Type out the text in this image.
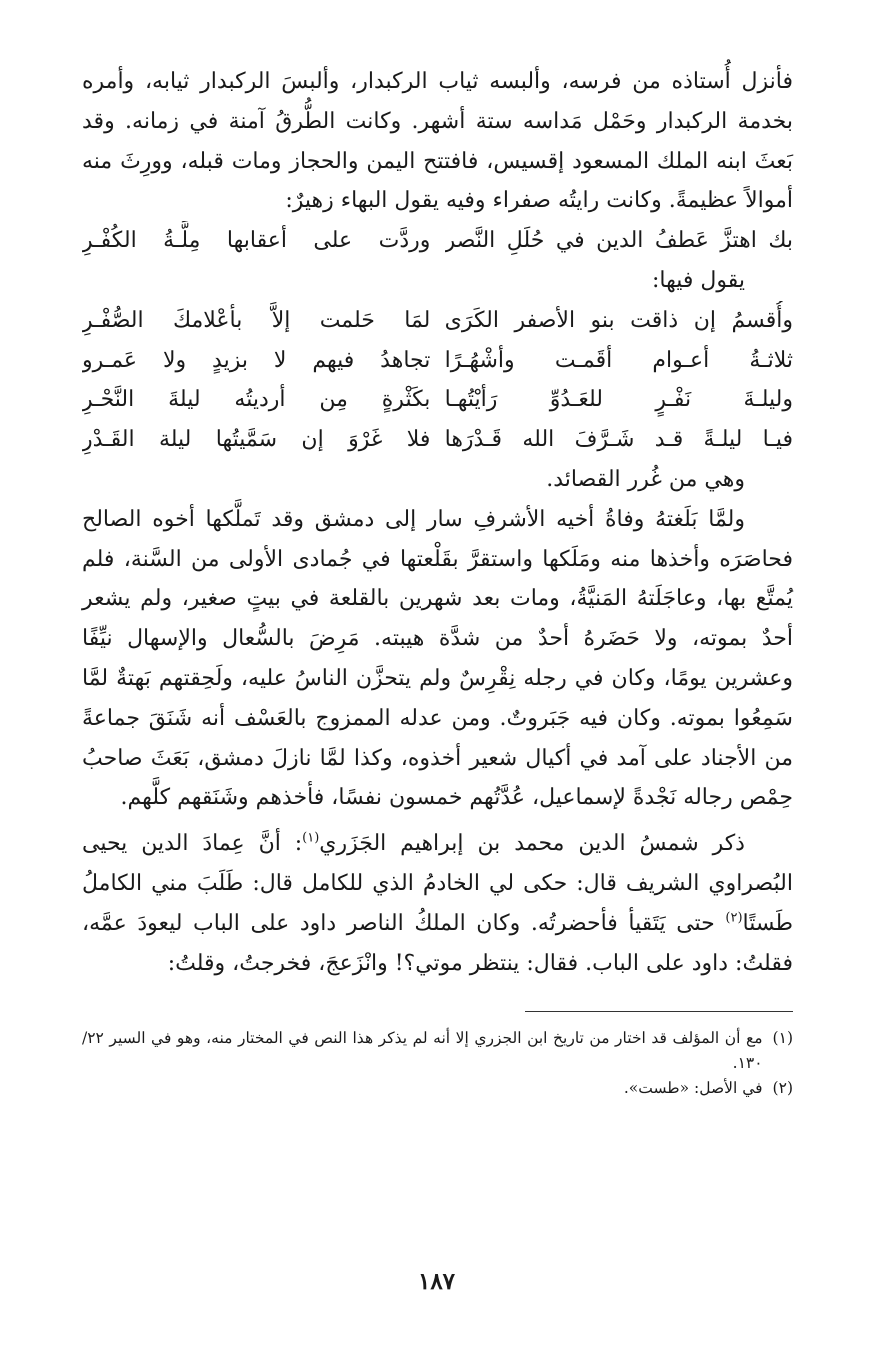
فأنزل أُستاذه من فرسه، وألبسه ثياب الركبدار، وألبسَ الركبدار ثيابه، وأمره بخدمة الركبدار وحَمْل مَداسه ستة أشهر. وكانت الطُّرقُ آمنة في زمانه. وقد بَعثَ ابنه الملك المسعود إقسيس، فافتتح اليمن والحجاز ومات قبله، وورِثَ منه أموالاً عظيمةً. وكانت رايتُه صفراء وفيه يقول البهاء زهيرٌ:

بك اهتزَّ عَطفُ الدين في حُلَلِ النَّصر
وردَّت على أعقابها مِلَّـةُ الكُفْـرِ

يقول فيها:

وأُقسمُ إن ذاقت بنو الأصفر الكَرَى
لمَا حَلمت إلاَّ بأعْلامكَ الصُّفْـرِ
ثلاثـةُ أعـوام أقَمـت وأشْهُـرًا
تجاهدُ فيهم لا بزيدٍ ولا عَمـرو
وليلـةَ نَفْـرٍ للعَـدُوِّ رَأيْتُهـا
بكَثْرةٍ مِن أرديتُه ليلةَ النَّحْـرِ
فيـا ليلـةً قـد شَـرَّفَ الله قَـدْرَها
فلا غَرْوَ إن سَمَّيتُها ليلة القَـدْرِ

وهي من غُرر القصائد.

ولمَّا بَلَغتهُ وفاةُ أخيه الأشرفِ سار إلى دمشق وقد تَملَّكها أخوه الصالح فحاصَرَه وأخذها منه ومَلَكها واستقرَّ بقَلْعتها في جُمادى الأولى من السَّنة، فلم يُمتَّع بها، وعاجَلَتهُ المَنيَّةُ، ومات بعد شهرين بالقلعة في بيتٍ صغير، ولم يشعر أحدٌ بموته، ولا حَضَرهُ أحدٌ من شدَّة هيبته. مَرِضَ بالسُّعال والإسهال نيِّفًا وعشرين يومًا، وكان في رجله نِقْرِسٌ ولم يتحزَّن الناسُ عليه، ولَحِقتهم بَهتةٌ لمَّا سَمِعُوا بموته. وكان فيه جَبَروتٌ. ومن عدله الممزوج بالعَسْف أنه شَنَقَ جماعةً من الأجناد على آمد في أكيال شعير أخذوه، وكذا لمَّا نازلَ دمشق، بَعَثَ صاحبُ حِمْص رجاله نَجْدةً لإسماعيل، عُدَّتُهم خمسون نفسًا، فأخذهم وشَنَقهم كلَّهم.

ذكر شمسُ الدين محمد بن إبراهيم الجَزَري$^{(١)}$: أنَّ عِمادَ الدين يحيى البُصراوي الشريف قال: حكى لي الخادمُ الذي للكامل قال: طَلَبَ مني الكاملُ طَستًا$^{(٢)}$ حتى يَتَقيأ فأحضرتُه. وكان الملكُ الناصر داود على الباب ليعودَ عمَّه، فقلتُ: داود على الباب. فقال: ينتظر موتي؟! وانْزَعجَ، فخرجتُ، وقلتُ:

(١)
مع أن المؤلف قد اختار من تاريخ ابن الجزري إلا أنه لم يذكر هذا النص في المختار منه، وهو في السير ٢٢/ ١٣٠.
(٢)
في الأصل: «طست».
١٨٧
